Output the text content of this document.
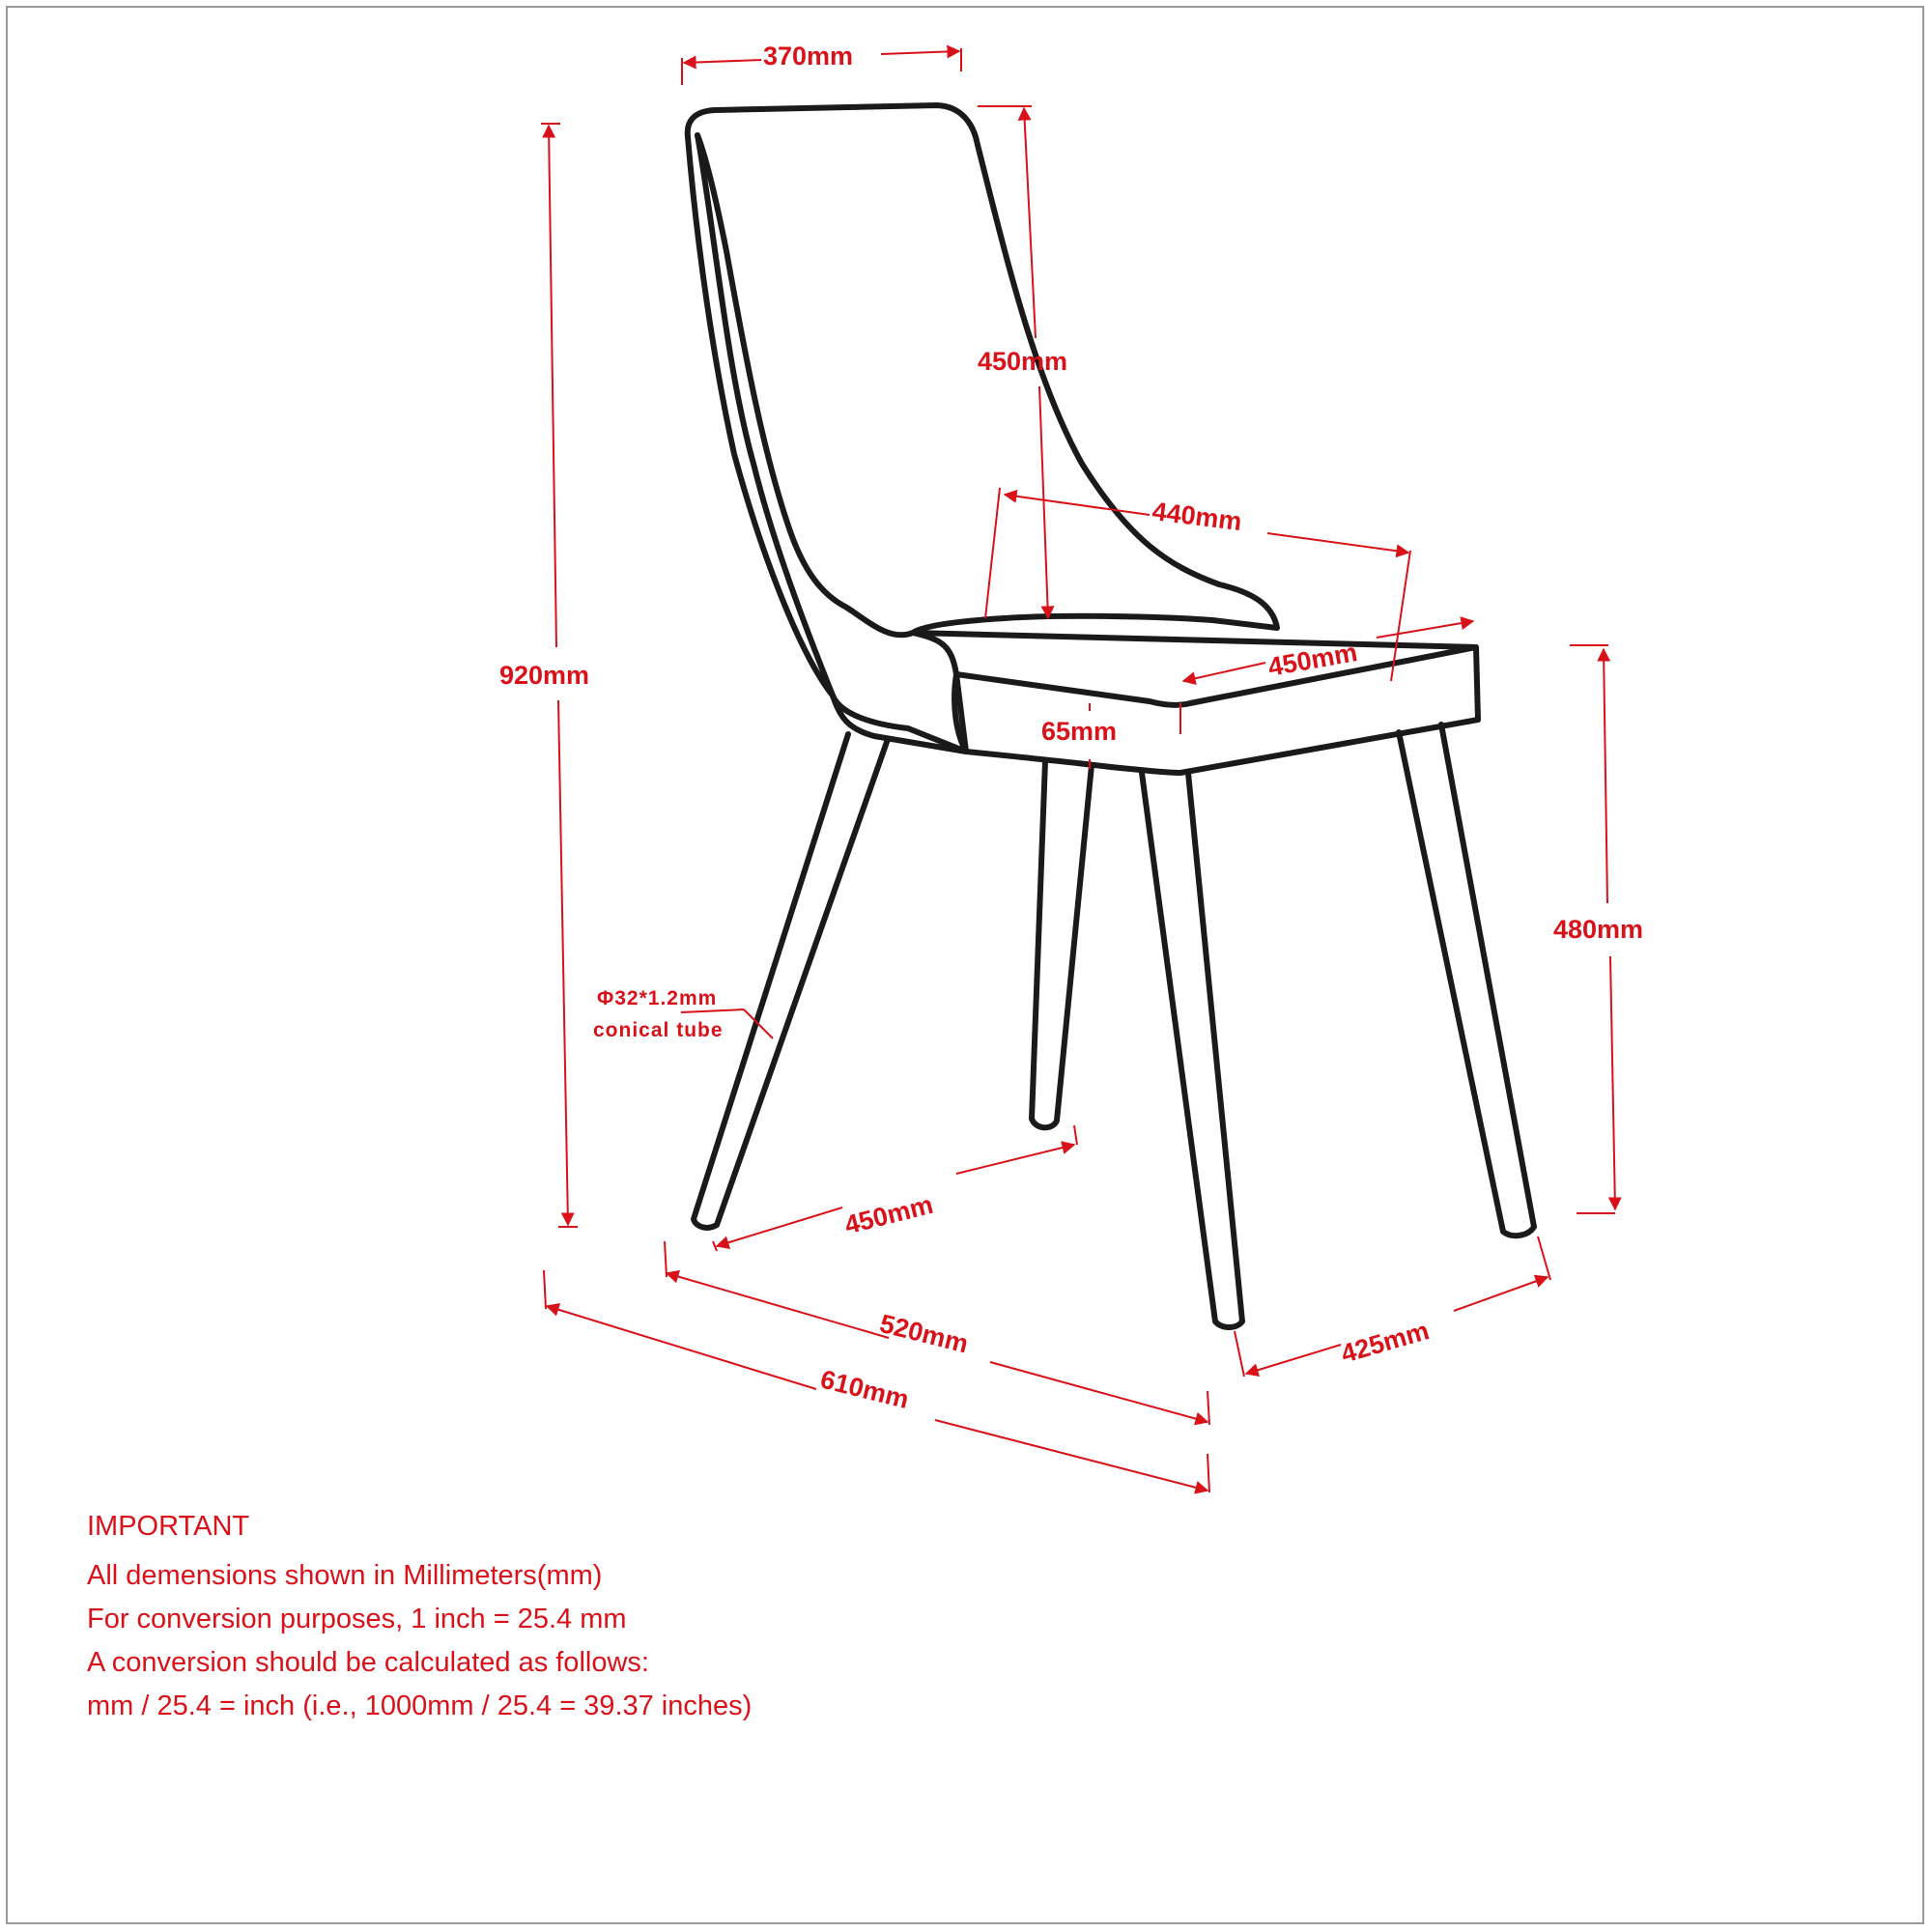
370mm
450mm
920mm
440mm
450mm
65mm
480mm
450mm
520mm
610mm
425mm
Φ32*1.2mm
conical tube
IMPORTANT
All demensions shown in Millimeters(mm)
For conversion purposes, 1 inch = 25.4 mm
A conversion should be calculated as follows:
mm / 25.4 = inch (i.e., 1000mm / 25.4 = 39.37 inches)
